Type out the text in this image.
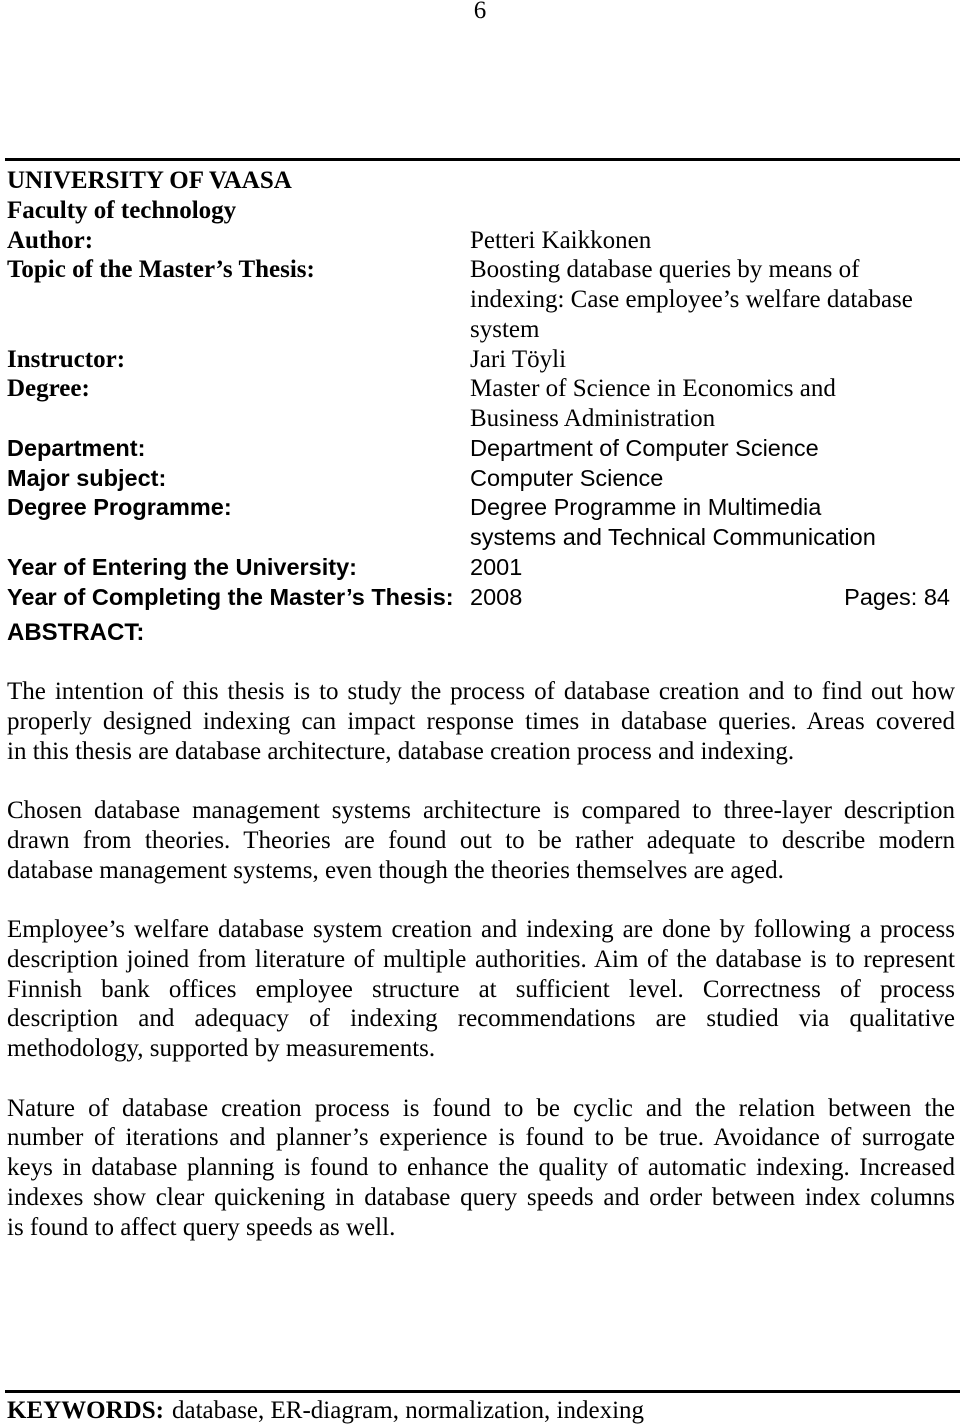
6
UNIVERSITY OF VAASA
Faculty of technology
Author:	Petteri Kaikkonen
Topic of the Master’s Thesis:	Boosting database queries by means of
indexing: Case employee’s welfare database
system
Instructor:	Jari Töyli
Degree:	Master of Science in Economics and
Business Administration
Department:	Department of Computer Science
Major subject:	Computer Science
Degree Programme:	Degree Programme in Multimedia
systems and Technical Communication
Year of Entering the University:	2001
Year of Completing the Master’s Thesis: 2008	Pages: 84
ABSTRACT:
The intention of this thesis is to study the process of database creation and to find out how
properly designed indexing can impact response times in database queries. Areas covered
in this thesis are database architecture, database creation process and indexing.
Chosen database management systems architecture is compared to three-layer description
drawn from theories. Theories are found out to be rather adequate to describe modern
database management systems, even though the theories themselves are aged.
Employee’s welfare database system creation and indexing are done by following a process
description joined from literature of multiple authorities. Aim of the database is to represent
Finnish bank offices employee structure at sufficient level. Correctness of process
description and adequacy of indexing recommendations are studied via qualitative
methodology, supported by measurements.
Nature of database creation process is found to be cyclic and the relation between the
number of iterations and planner’s experience is found to be true. Avoidance of surrogate
keys in database planning is found to enhance the quality of automatic indexing. Increased
indexes show clear quickening in database query speeds and order between index columns
is found to affect query speeds as well.
KEYWORDS: database, ER-diagram, normalization, indexing
